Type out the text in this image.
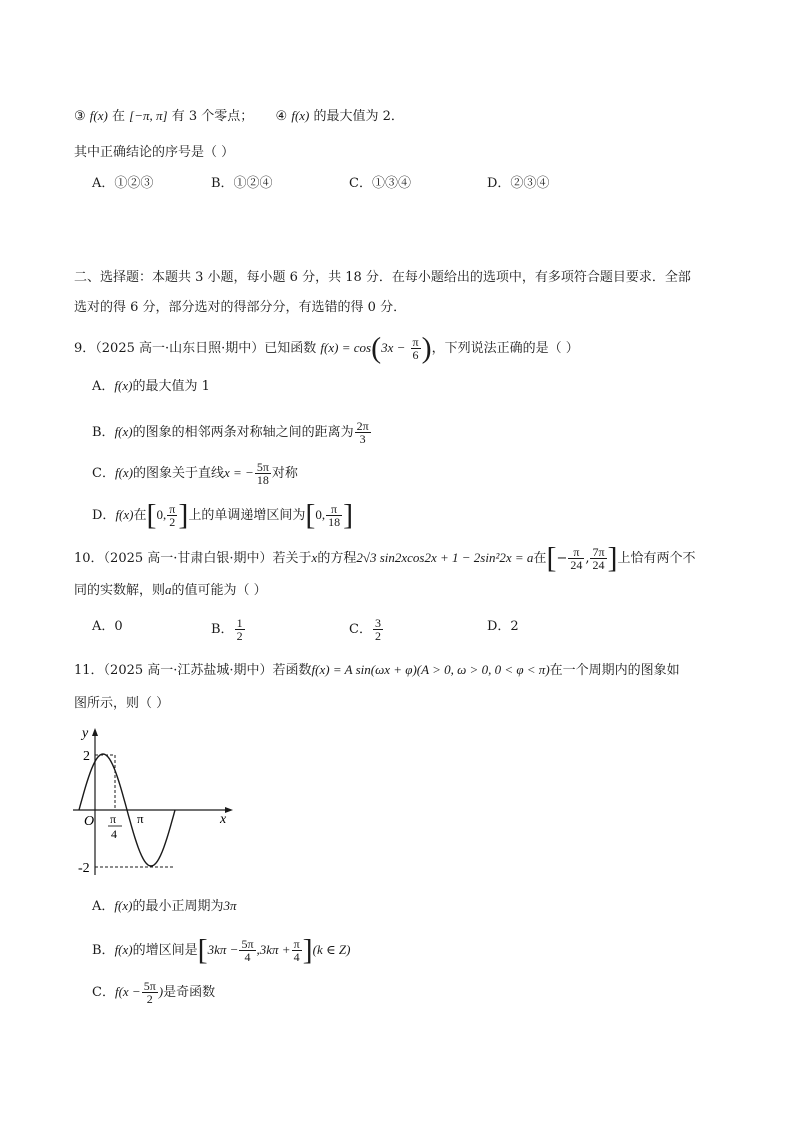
③ f(x) 在 [−π, π] 有 3 个零点； ④ f(x) 的最大值为 2．
其中正确结论的序号是（ ）
A．①②③	B．①②④	C．①③④	D．②③④
二、选择题：本题共 3 小题，每小题 6 分，共 18 分．在每小题给出的选项中，有多项符合题目要求．全部
选对的得 6 分，部分选对的得部分分，有选错的得 0 分．
9．（2025 高一·山东日照·期中）已知函数 $f(x) = \cos(3x - \frac{\pi}{6}$ )，下列说法正确的是（ ）
A．f(x)的最大值为 1
B．f(x)的图象的相邻两条对称轴之间的距离为 $\frac{2\pi}{3}$
C．f(x)的图象关于直线x = − $\frac{5\pi}{18}$ 对称
D．f(x)在[0, $\frac{\pi}{2}$ ]上的单调递增区间为[0, $\frac{\pi}{18}$ ]
10．（2025 高一·甘肃白银·期中）若关于x的方程2√3 sin2xcos2x + 1 − 2sin²2x = a在[− $\frac{\pi}{24}$ , $\frac{7\pi}{24}$ ]上恰有两个不
同的实数解，则a的值可能为（ ）
A．0	B． $\frac{1}{2}$	C． $\frac{3}{2}$	D．2
11．（2025 高一·江苏盐城·期中）若函数f(x) = A sin(ωx + φ)(A > 0, ω > 0, 0 < φ < π)在一个周期内的图象如
图所示，则（ ）
y
x
O
2
-2
π
π
4
A．f(x)的最小正周期为3π
B．f(x)的增区间是$[3k\pi - \frac{5\pi}{4} ,3k\pi + \frac{\pi}{4} ](k$ ∈ Z)
C．$f(x - \frac{5\pi}{2}$ )是奇函数
